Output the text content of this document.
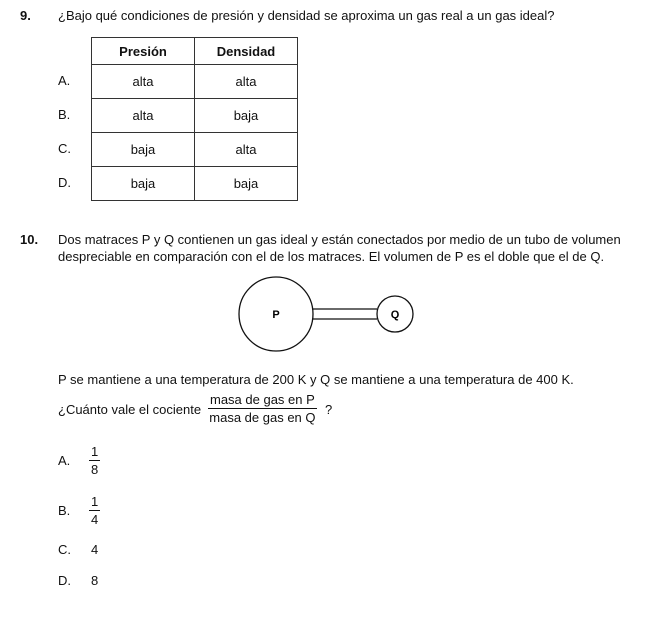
9. ¿Bajo qué condiciones de presión y densidad se aproxima un gas real a un gas ideal?
Presión	Densidad
alta	alta
alta	baja
baja	alta
baja	baja
A.
B.
C.
D.
10. Dos matraces P y Q contienen un gas ideal y están conectados por medio de un tubo de volumen
despreciable en comparación con el de los matraces. El volumen de P es el doble que el de Q.
P	Q
P se mantiene a una temperatura de 200 K y Q se mantiene a una temperatura de 400 K.
¿Cuánto vale el cociente
masa de gas en P
masa de gas en Q
?
A. $\frac{1}{8}$
B. $\frac{1}{4}$
C. 4
D. 8
